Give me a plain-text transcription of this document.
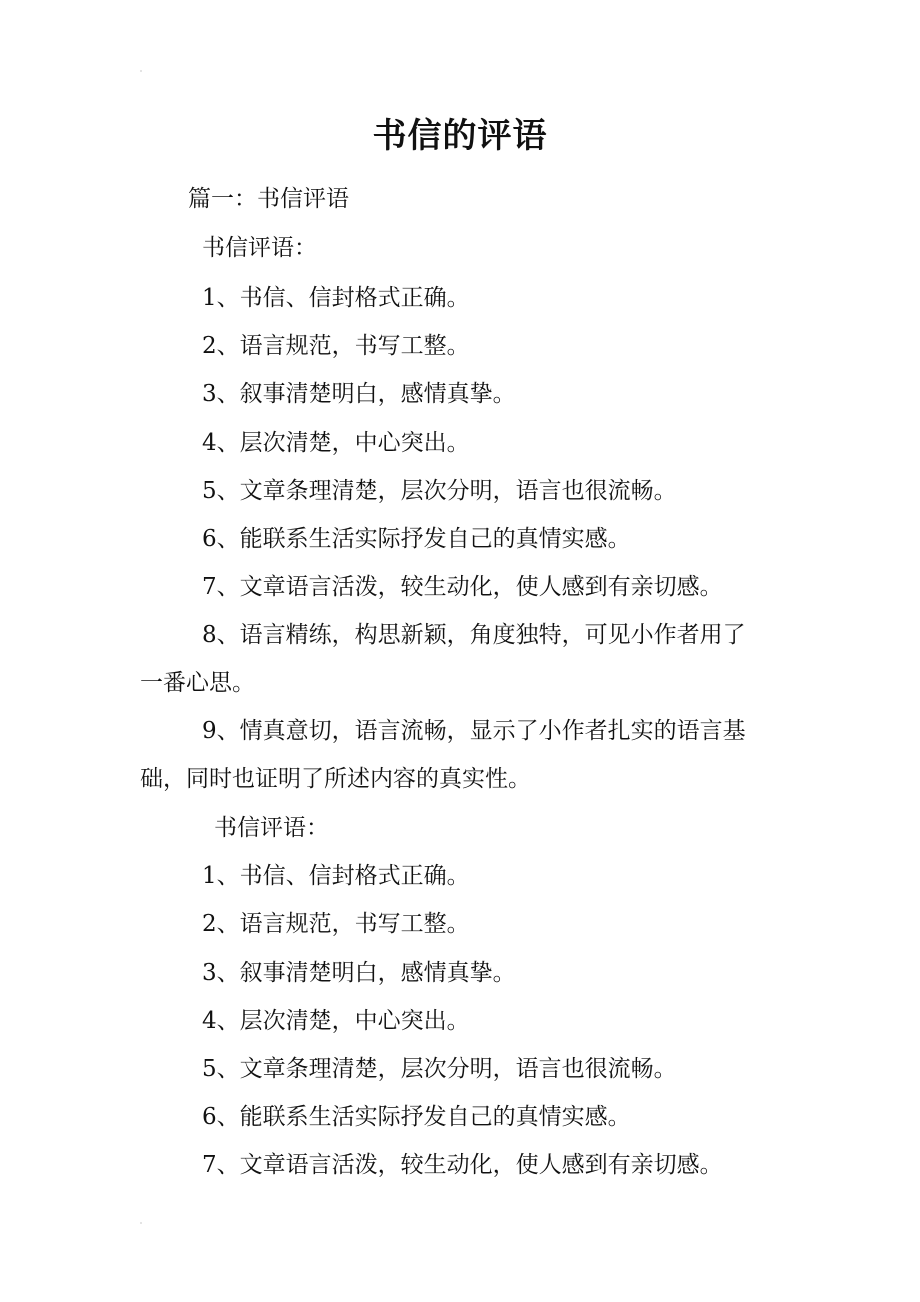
书信的评语
篇一：书信评语
书信评语：
1、书信、信封格式正确。
2、语言规范，书写工整。
3、叙事清楚明白，感情真挚。
4、层次清楚，中心突出。
5、文章条理清楚，层次分明，语言也很流畅。
6、能联系生活实际抒发自己的真情实感。
7、文章语言活泼，较生动化，使人感到有亲切感。
8、语言精练，构思新颖，角度独特，可见小作者用了
一番心思。
9、情真意切，语言流畅，显示了小作者扎实的语言基
础，同时也证明了所述内容的真实性。
书信评语：
1、书信、信封格式正确。
2、语言规范，书写工整。
3、叙事清楚明白，感情真挚。
4、层次清楚，中心突出。
5、文章条理清楚，层次分明，语言也很流畅。
6、能联系生活实际抒发自己的真情实感。
7、文章语言活泼，较生动化，使人感到有亲切感。
